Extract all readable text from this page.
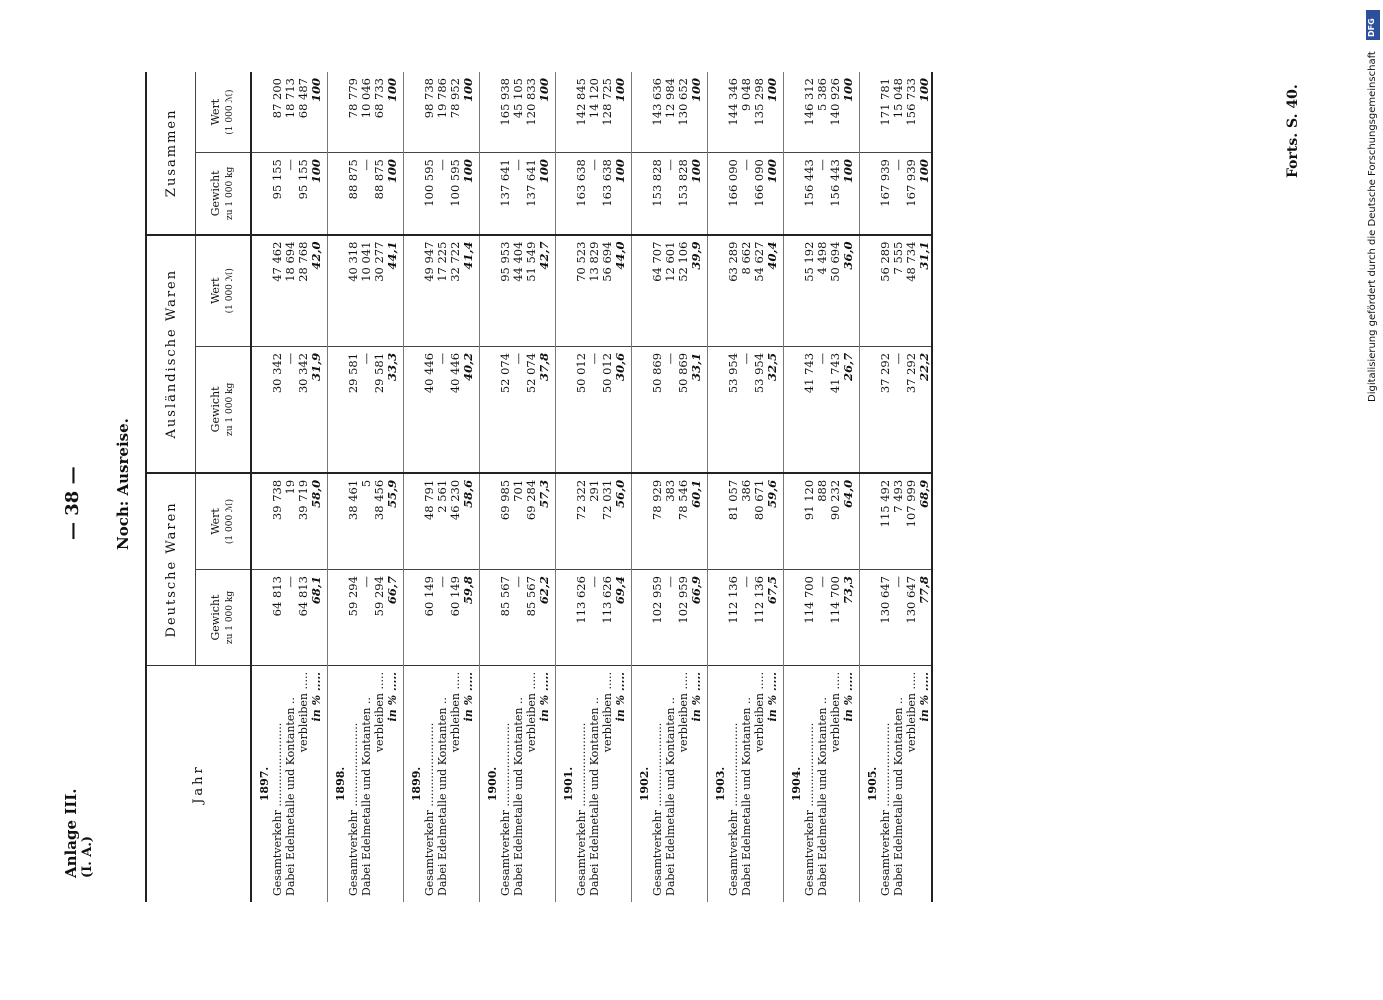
Anlage III. (I. A.)
— 38 — Noch: Ausreise.
Forts. S. 40.
DFG
Digitalisierung gefördert durch die Deutsche Forschungsgemeinschaft
Jahr	Deutsche Waren		Ausländische Waren		Zusammen	
	Gewicht zu 1 000 kg	Wert (1 000 ℳ)	Gewicht zu 1 000 kg	Wert (1 000 ℳ)	Gewicht zu 1 000 kg	Wert (1 000 ℳ)

1897.						
Gesamtverkehr ........................	64 813	39 738	30 342	47 462	95 155	87 200
Dabei Edelmetalle und Kontanten ..	—	19	—	18 694	—	18 713
verbleiben .....	64 813	39 719	30 342	28 768	95 155	68 487
in % .....	68,1	58,0	31,9	42,0	100	100
1898.						
Gesamtverkehr ........................	59 294	38 461	29 581	40 318	88 875	78 779
Dabei Edelmetalle und Kontanten ..	—	5	—	10 041	—	10 046
verbleiben .....	59 294	38 456	29 581	30 277	88 875	68 733
in % .....	66,7	55,9	33,3	44,1	100	100
1899.						
Gesamtverkehr ........................	60 149	48 791	40 446	49 947	100 595	98 738
Dabei Edelmetalle und Kontanten ..	—	2 561	—	17 225	—	19 786
verbleiben .....	60 149	46 230	40 446	32 722	100 595	78 952
in % .....	59,8	58,6	40,2	41,4	100	100
1900.						
Gesamtverkehr ........................	85 567	69 985	52 074	95 953	137 641	165 938
Dabei Edelmetalle und Kontanten ..	—	701	—	44 404	—	45 105
verbleiben .....	85 567	69 284	52 074	51 549	137 641	120 833
in % .....	62,2	57,3	37,8	42,7	100	100
1901.						
Gesamtverkehr ........................	113 626	72 322	50 012	70 523	163 638	142 845
Dabei Edelmetalle und Kontanten ..	—	291	—	13 829	—	14 120
verbleiben .....	113 626	72 031	50 012	56 694	163 638	128 725
in % .....	69,4	56,0	30,6	44,0	100	100
1902.						
Gesamtverkehr ........................	102 959	78 929	50 869	64 707	153 828	143 636
Dabei Edelmetalle und Kontanten ..	—	383	—	12 601	—	12 984
verbleiben .....	102 959	78 546	50 869	52 106	153 828	130 652
in % .....	66,9	60,1	33,1	39,9	100	100
1903.						
Gesamtverkehr ........................	112 136	81 057	53 954	63 289	166 090	144 346
Dabei Edelmetalle und Kontanten ..	—	386	—	8 662	—	9 048
verbleiben .....	112 136	80 671	53 954	54 627	166 090	135 298
in % .....	67,5	59,6	32,5	40,4	100	100
1904.						
Gesamtverkehr ........................	114 700	91 120	41 743	55 192	156 443	146 312
Dabei Edelmetalle und Kontanten ..	—	888	—	4 498	—	5 386
verbleiben .....	114 700	90 232	41 743	50 694	156 443	140 926
in % .....	73,3	64,0	26,7	36,0	100	100
1905.						
Gesamtverkehr ........................	130 647	115 492	37 292	56 289	167 939	171 781
Dabei Edelmetalle und Kontanten ..	—	7 493	—	7 555	—	15 048
verbleiben .....	130 647	107 999	37 292	48 734	167 939	156 733
in % .....	77,8	68,9	22,2	31,1	100	100
